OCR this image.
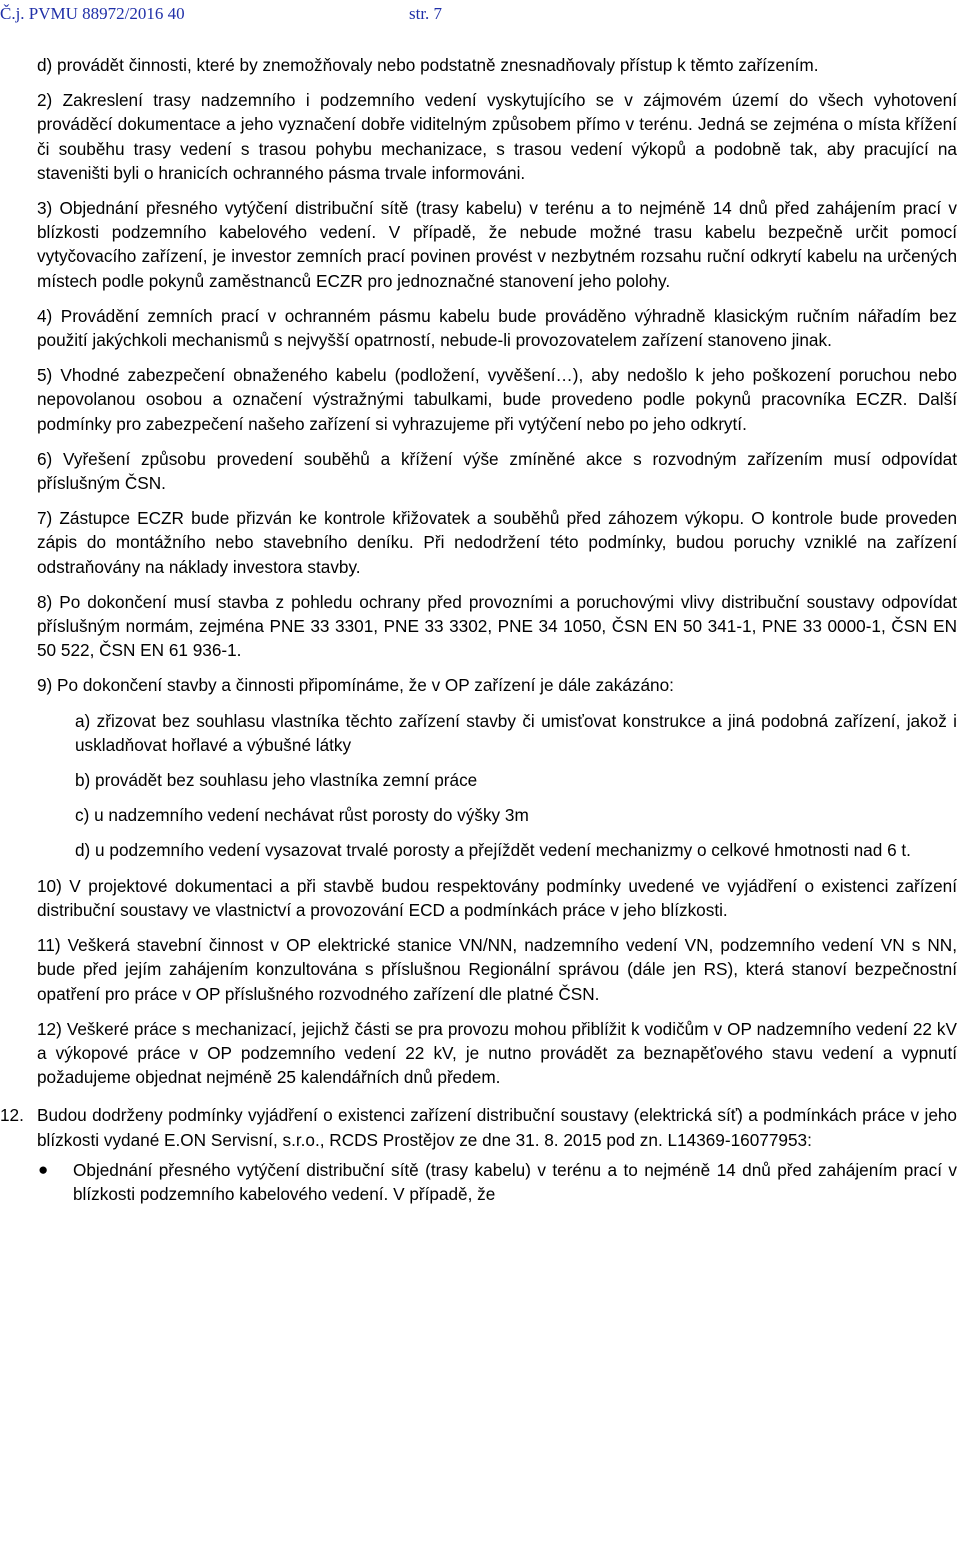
Č.j. PVMU 88972/2016 40	str. 7

d) provádět činnosti, které by znemožňovaly nebo podstatně znesnadňovaly přístup k těmto zařízením.

2) Zakreslení trasy nadzemního i podzemního vedení vyskytujícího se v zájmovém území do všech vyhotovení prováděcí dokumentace a jeho vyznačení dobře viditelným způsobem přímo v terénu. Jedná se zejména o místa křížení či souběhu trasy vedení s trasou pohybu mechanizace, s trasou vedení výkopů a podobně tak, aby pracující na staveništi byli o hranicích ochranného pásma trvale informováni.

3) Objednání přesného vytýčení distribuční sítě (trasy kabelu) v terénu a to nejméně 14 dnů před zahájením prací v blízkosti podzemního kabelového vedení. V případě, že nebude možné trasu kabelu bezpečně určit pomocí vytyčovacího zařízení, je investor zemních prací povinen provést v nezbytném rozsahu ruční odkrytí kabelu na určených místech podle pokynů zaměstnanců ECZR pro jednoznačné stanovení jeho polohy.

4) Provádění zemních prací v ochranném pásmu kabelu bude prováděno výhradně klasickým ručním nářadím bez použití jakýchkoli mechanismů s nejvyšší opatrností, nebude-li provozovatelem zařízení stanoveno jinak.

5) Vhodné zabezpečení obnaženého kabelu (podložení, vyvěšení…), aby nedošlo k jeho poškození poruchou nebo nepovolanou osobou a označení výstražnými tabulkami, bude provedeno podle pokynů pracovníka ECZR. Další podmínky pro zabezpečení našeho zařízení si vyhrazujeme při vytýčení nebo po jeho odkrytí.

6) Vyřešení způsobu provedení souběhů a křížení výše zmíněné akce s rozvodným zařízením musí odpovídat příslušným ČSN.

7) Zástupce ECZR bude přizván ke kontrole křižovatek a souběhů před záhozem výkopu. O kontrole bude proveden zápis do montážního nebo stavebního deníku. Při nedodržení této podmínky, budou poruchy vzniklé na zařízení odstraňovány na náklady investora stavby.

8) Po dokončení musí stavba z pohledu ochrany před provozními a poruchovými vlivy distribuční soustavy odpovídat příslušným normám, zejména PNE 33 3301, PNE 33 3302, PNE 34 1050, ČSN EN 50 341-1, PNE 33 0000-1, ČSN EN 50 522, ČSN EN 61 936-1.

9) Po dokončení stavby a činnosti připomínáme, že v OP zařízení je dále zakázáno:

a) zřizovat bez souhlasu vlastníka těchto zařízení stavby či umisťovat konstrukce a jiná podobná zařízení, jakož i uskladňovat hořlavé a výbušné látky

b) provádět bez souhlasu jeho vlastníka zemní práce

c) u nadzemního vedení nechávat růst porosty do výšky 3m

d) u podzemního vedení vysazovat trvalé porosty a přejíždět vedení mechanizmy o celkové hmotnosti nad 6 t.

10) V projektové dokumentaci a při stavbě budou respektovány podmínky uvedené ve vyjádření o existenci zařízení distribuční soustavy ve vlastnictví a provozování ECD a podmínkách práce v jeho blízkosti.

11) Veškerá stavební činnost v OP elektrické stanice VN/NN, nadzemního vedení VN, podzemního vedení VN s NN, bude před jejím zahájením konzultována s příslušnou Regionální správou (dále jen RS), která stanoví bezpečnostní opatření pro práce v OP příslušného rozvodného zařízení dle platné ČSN.

12) Veškeré práce s mechanizací, jejichž části se pra provozu mohou přiblížit k vodičům v OP nadzemního vedení 22 kV a výkopové práce v OP podzemního vedení 22 kV, je nutno provádět za beznapěťového stavu vedení a vypnutí požadujeme objednat nejméně 25 kalendářních dnů předem.

12. Budou dodrženy podmínky vyjádření o existenci zařízení distribuční soustavy (elektrická síť) a podmínkách práce v jeho blízkosti vydané E.ON Servisní, s.r.o., RCDS Prostějov ze dne 31. 8. 2015 pod zn. L14369-16077953:
● Objednání přesného vytýčení distribuční sítě (trasy kabelu) v terénu a to nejméně 14 dnů před zahájením prací v blízkosti podzemního kabelového vedení. V případě, že
